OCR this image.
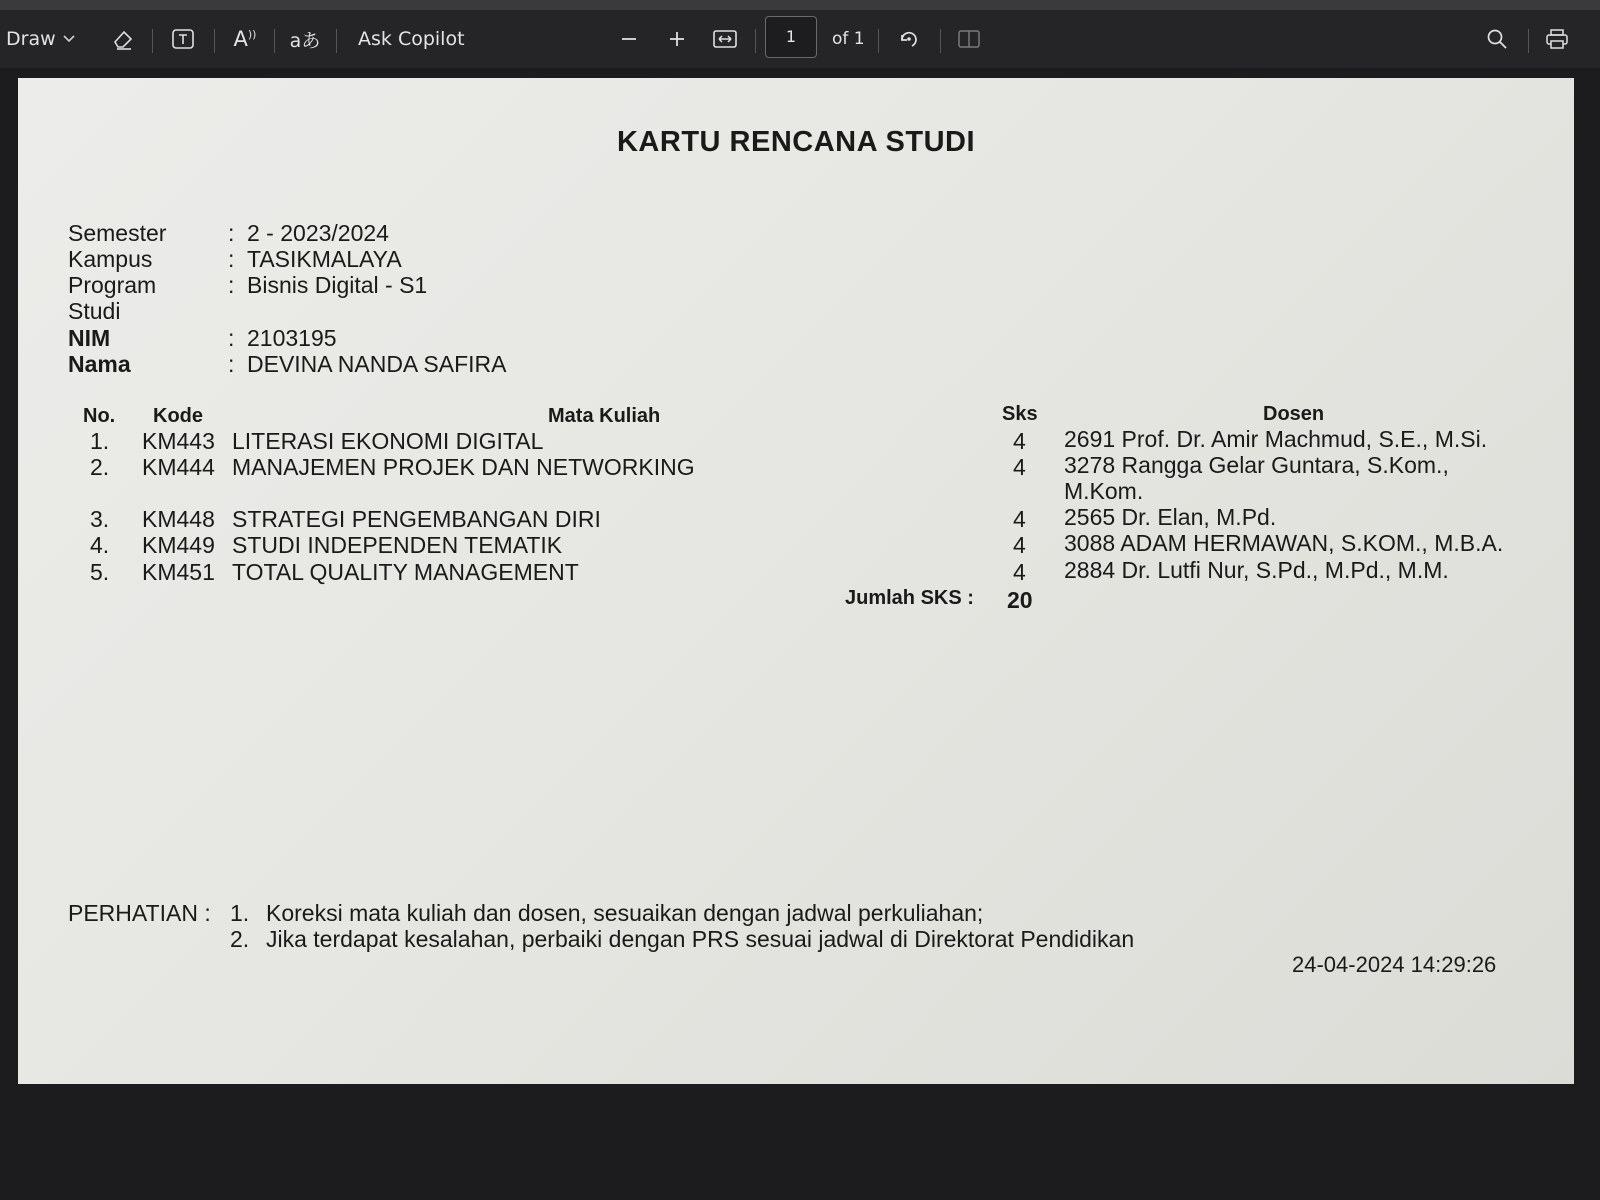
Draw	A )) aあ Ask Copilot	1	of 1
KARTU RENCANA STUDI
Semester	: 2 - 2023/2024
Kampus	: TASIKMALAYA
Program Studi
: Bisnis Digital - S1
NIM	: 2103195
Nama	: DEVINA NANDA SAFIRA
No. Kode	Mata Kuliah	Sks	Dosen
1. KM443 LITERASI EKONOMI DIGITAL	4 2691 Prof. Dr. Amir Machmud, S.E., M.Si.
2. KM444 MANAJEMEN PROJEK DAN NETWORKING	4 3278 Rangga Gelar Guntara, S.Kom., M.Kom.
3. KM448 STRATEGI PENGEMBANGAN DIRI	4 2565 Dr. Elan, M.Pd.
4. KM449 STUDI INDEPENDEN TEMATIK	4 3088 ADAM HERMAWAN, S.KOM., M.B.A.
5. KM451 TOTAL QUALITY MANAGEMENT	4 2884 Dr. Lutfi Nur, S.Pd., M.Pd., M.M.
Jumlah SKS : 20
PERHATIAN : 1. Koreksi mata kuliah dan dosen, sesuaikan dengan jadwal perkuliahan;
2. Jika terdapat kesalahan, perbaiki dengan PRS sesuai jadwal di Direktorat Pendidikan
24-04-2024 14:29:26
